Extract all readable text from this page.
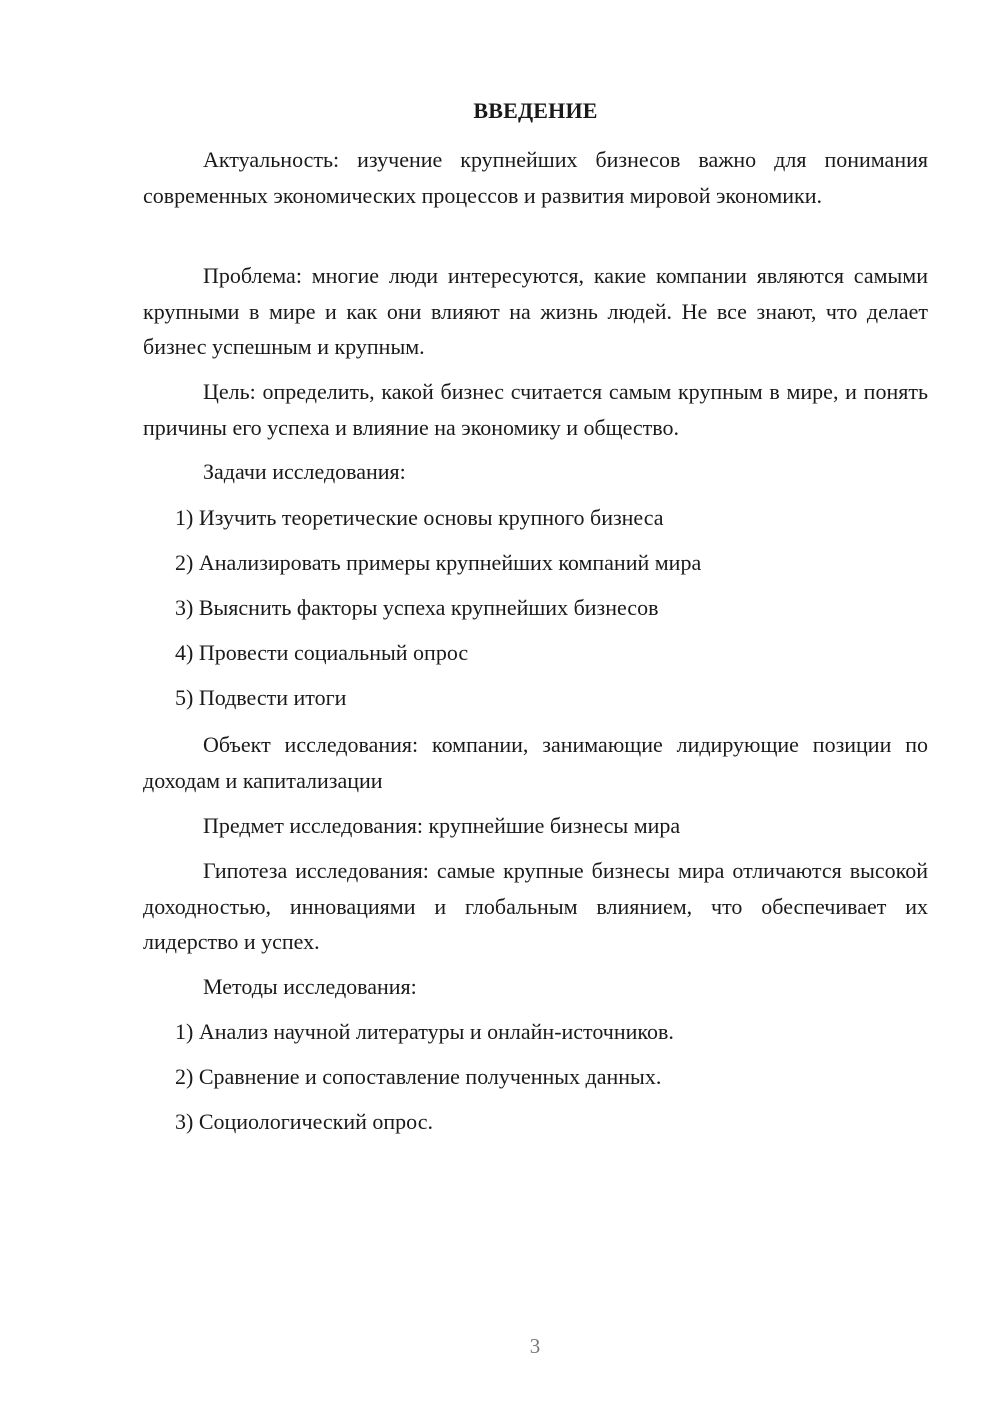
ВВЕДЕНИЕ

Актуальность: изучение крупнейших бизнесов важно для понимания современных экономических процессов и развития мировой экономики.

Проблема: многие люди интересуются, какие компании являются самыми крупными в мире и как они влияют на жизнь людей. Не все знают, что делает бизнес успешным и крупным.

Цель: определить, какой бизнес считается самым крупным в мире, и понять причины его успеха и влияние на экономику и общество.

Задачи исследования:

1) Изучить теоретические основы крупного бизнеса

2) Анализировать примеры крупнейших компаний мира

3) Выяснить факторы успеха крупнейших бизнесов

4) Провести социальный опрос

5) Подвести итоги

Объект исследования: компании, занимающие лидирующие позиции по доходам и капитализации

Предмет исследования: крупнейшие бизнесы мира

Гипотеза исследования: самые крупные бизнесы мира отличаются высокой доходностью, инновациями и глобальным влиянием, что обеспечивает их лидерство и успех.

Методы исследования:

1) Анализ научной литературы и онлайн-источников.

2) Сравнение и сопоставление полученных данных.

3) Социологический опрос.

3
